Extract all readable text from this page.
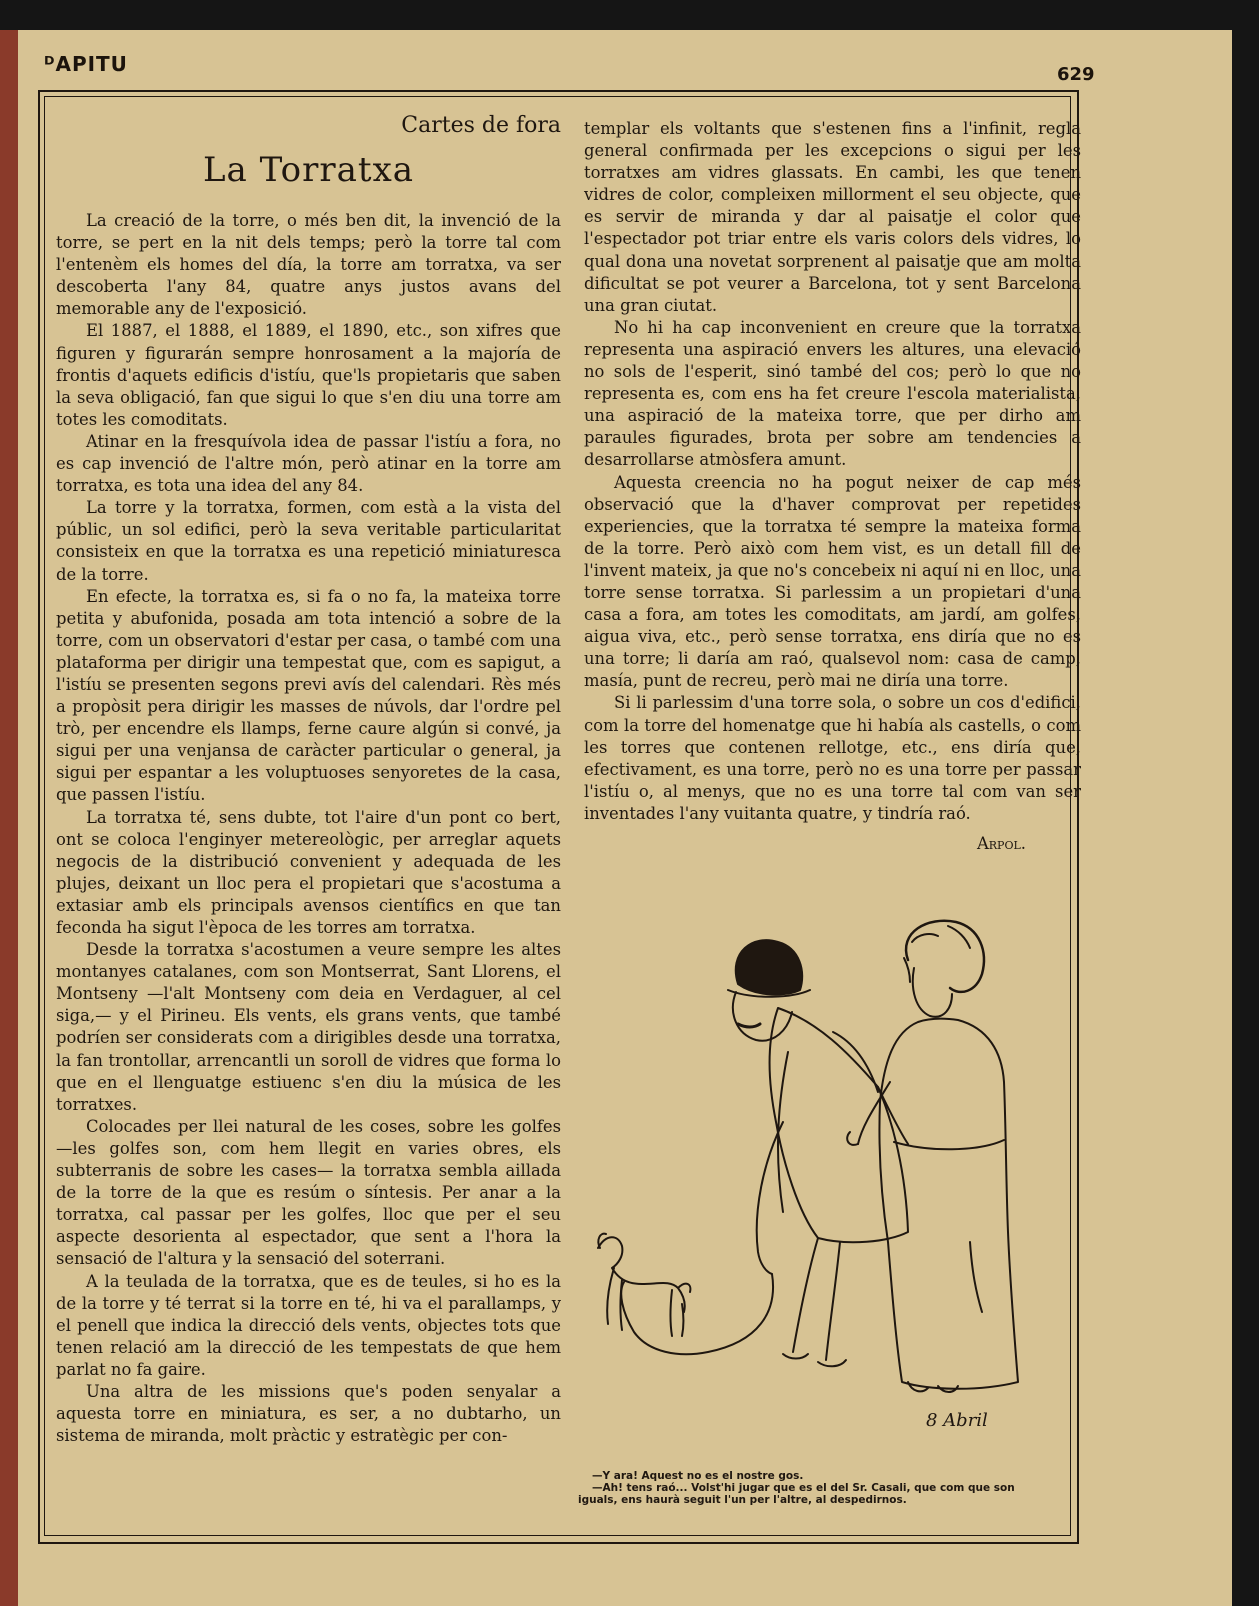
ᴰAPITU	629
Cartes de fora
La Torratxa

La creació de la torre, o més ben dit, la invenció de la torre, se pert en la nit dels temps; però la torre tal com l'entenèm els homes del día, la torre am torratxa, va ser descoberta l'any 84, quatre anys justos avans del memorable any de l'exposició.

El 1887, el 1888, el 1889, el 1890, etc., son xifres que figuren y figurarán sempre honrosament a la majoría de frontis d'aquets edificis d'istíu, que'ls propietaris que saben la seva obligació, fan que sigui lo que s'en diu una torre am totes les comoditats.

Atinar en la fresquívola idea de passar l'istíu a fora, no es cap invenció de l'altre món, però atinar en la torre am torratxa, es tota una idea del any 84.

La torre y la torratxa, formen, com està a la vista del públic, un sol edifici, però la seva veritable particularitat consisteix en que la torratxa es una repetició miniaturesca de la torre.

En efecte, la torratxa es, si fa o no fa, la mateixa torre petita y abufonida, posada am tota intenció a sobre de la torre, com un observatori d'estar per casa, o també com una plataforma per dirigir una tempestat que, com es sapigut, a l'istíu se presenten segons previ avís del calendari. Rès més a propòsit pera dirigir les masses de núvols, dar l'ordre pel trò, per encendre els llamps, ferne caure algún si convé, ja sigui per una venjansa de caràcter particular o general, ja sigui per espantar a les voluptuoses senyoretes de la casa, que passen l'istíu.

La torratxa té, sens dubte, tot l'aire d'un pont co bert, ont se coloca l'enginyer metereològic, per arreglar aquets negocis de la distribució convenient y adequada de les plujes, deixant un lloc pera el propietari que s'acostuma a extasiar amb els principals avensos científics en que tan feconda ha sigut l'època de les torres am torratxa.

Desde la torratxa s'acostumen a veure sempre les altes montanyes catalanes, com son Montserrat, Sant Llorens, el Montseny —l'alt Montseny com deia en Verdaguer, al cel siga,— y el Pirineu. Els vents, els grans vents, que també podríen ser considerats com a dirigibles desde una torratxa, la fan trontollar, arrencantli un soroll de vidres que forma lo que en el llenguatge estiuenc s'en diu la música de les torratxes.

Colocades per llei natural de les coses, sobre les golfes —les golfes son, com hem llegit en varies obres, els subterranis de sobre les cases— la torratxa sembla aillada de la torre de la que es resúm o síntesis. Per anar a la torratxa, cal passar per les golfes, lloc que per el seu aspecte desorienta al espectador, que sent a l'hora la sensació de l'altura y la sensació del soterrani.

A la teulada de la torratxa, que es de teules, si ho es la de la torre y té terrat si la torre en té, hi va el parallamps, y el penell que indica la direcció dels vents, objectes tots que tenen relació am la direcció de les tempestats de que hem parlat no fa gaire.

Una altra de les missions que's poden senyalar a aquesta torre en miniatura, es ser, a no dubtarho, un sistema de miranda, molt pràctic y estratègic per con-

templar els voltants que s'estenen fins a l'infinit, regla general confirmada per les excepcions o sigui per les torratxes am vidres glassats. En cambi, les que tenen vidres de color, compleixen millorment el seu objecte, que es servir de miranda y dar al paisatje el color que l'espectador pot triar entre els varis colors dels vidres, lo qual dona una novetat sorprenent al paisatje que am molta dificultat se pot veurer a Barcelona, tot y sent Barcelona una gran ciutat.

No hi ha cap inconvenient en creure que la torratxa representa una aspiració envers les altures, una elevació no sols de l'esperit, sinó també del cos; però lo que no representa es, com ens ha fet creure l'escola materialista, una aspiració de la mateixa torre, que per dirho am paraules figurades, brota per sobre am tendencies a desarrollarse atmòsfera amunt.

Aquesta creencia no ha pogut neixer de cap més observació que la d'haver comprovat per repetides experiencies, que la torratxa té sempre la mateixa forma de la torre. Però això com hem vist, es un detall fill de l'invent mateix, ja que no's concebeix ni aquí ni en lloc, una torre sense torratxa. Si parlessim a un propietari d'una casa a fora, am totes les comoditats, am jardí, am golfes, aigua viva, etc., però sense torratxa, ens diría que no es una torre; li daría am raó, qualsevol nom: casa de camp, masía, punt de recreu, però mai ne diría una torre.

Si li parlessim d'una torre sola, o sobre un cos d'edifici, com la torre del homenatge que hi había als castells, o com les torres que contenen rellotge, etc., ens diría que, efectivament, es una torre, però no es una torre per passar l'istíu o, al menys, que no es una torre tal com van ser inventades l'any vuitanta quatre, y tindría raó.

Arpol.
8 Abril
—Y ara! Aquest no es el nostre gos.
—Ah! tens raó... Volst'hi jugar que es el del Sr. Casali, que com que son
iguals, ens haurà seguit l'un per l'altre, al despedirnos.
